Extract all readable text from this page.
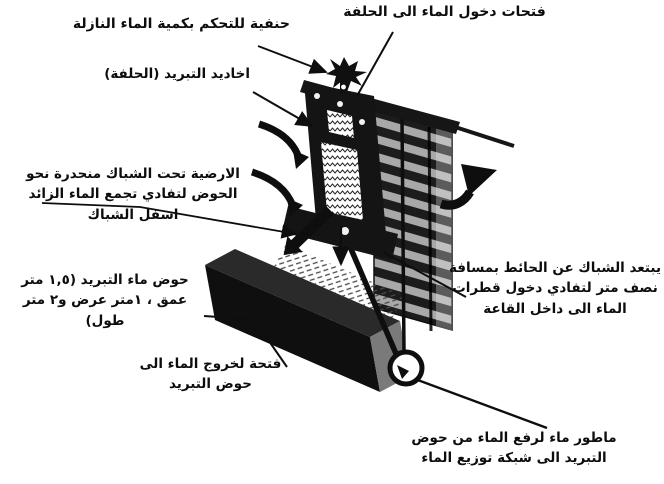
حنفية للتحكم بكمية الماء النازلة
فتحات دخول الماء الى الحلفة
اخاديد التبريد (الحلفة)
الارضية تحت الشباك منحدرة نحو
الحوض لتفادي تجمع الماء الزائد
اسفل الشباك
حوض ماء التبريد (١,٥ متر
عمق ، ١متر عرض و٢ متر
طول)
فتحة لخروج الماء الى
حوض التبريد
يبتعد الشباك عن الحائط بمسافة
نصف متر لتفادي دخول قطرات
الماء الى داخل القاعة
ماطور ماء لرفع الماء من حوض
التبريد الى شبكة توزيع الماء
